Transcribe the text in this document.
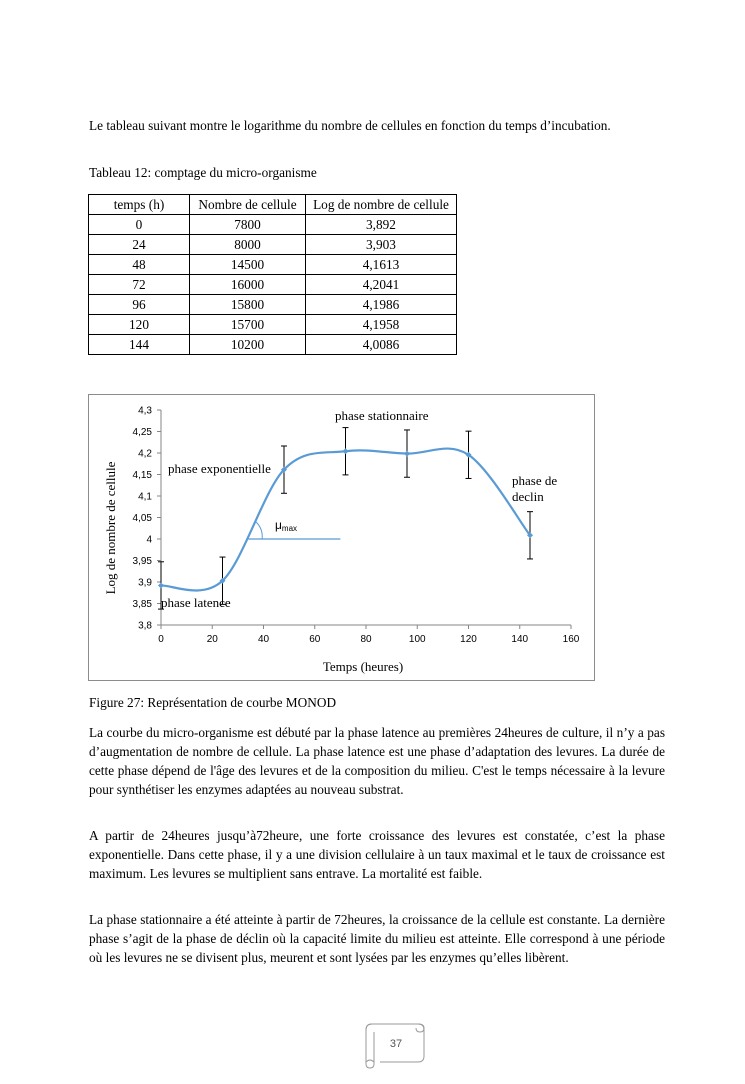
Le tableau suivant montre le logarithme du nombre de cellules en fonction du temps d’incubation.

Tableau 12: comptage du micro-organisme

temps (h)	Nombre de cellule	Log de nombre de cellule
0	7800	3,892
24	8000	3,903
48	14500	4,1613
72	16000	4,2041
96	15800	4,1986
120	15700	4,1958
144	10200	4,0086
3,8
3,85
3,9
3,95
4
4,05
4,1
4,15
4,2
4,25
4,3
0	20	40	60	80	100	120	140	160
Log de nombre de cellule
Temps (heures)
phase latence
phase exponentielle
phase stationnaire
phase de
declin
μmax

Figure 27: Représentation de courbe MONOD

La courbe du micro-organisme est débuté par la phase latence au premières 24heures de culture, il n’y a pas d’augmentation de nombre de cellule. La phase latence est une phase d’adaptation des levures. La durée de cette phase dépend de l'âge des levures et de la composition du milieu. C'est le temps nécessaire à la levure pour synthétiser les enzymes adaptées au nouveau substrat.

A partir de 24heures jusqu’à72heure, une forte croissance des levures est constatée, c’est la phase exponentielle. Dans cette phase, il y a une division cellulaire à un taux maximal et le taux de croissance est maximum. Les levures se multiplient sans entrave. La mortalité est faible.

La phase stationnaire a été atteinte à partir de 72heures, la croissance de la cellule est constante. La dernière phase s’agit de la phase de déclin où la capacité limite du milieu est atteinte. Elle correspond à une période où les levures ne se divisent plus, meurent et sont lysées par les enzymes qu’elles libèrent.

37
